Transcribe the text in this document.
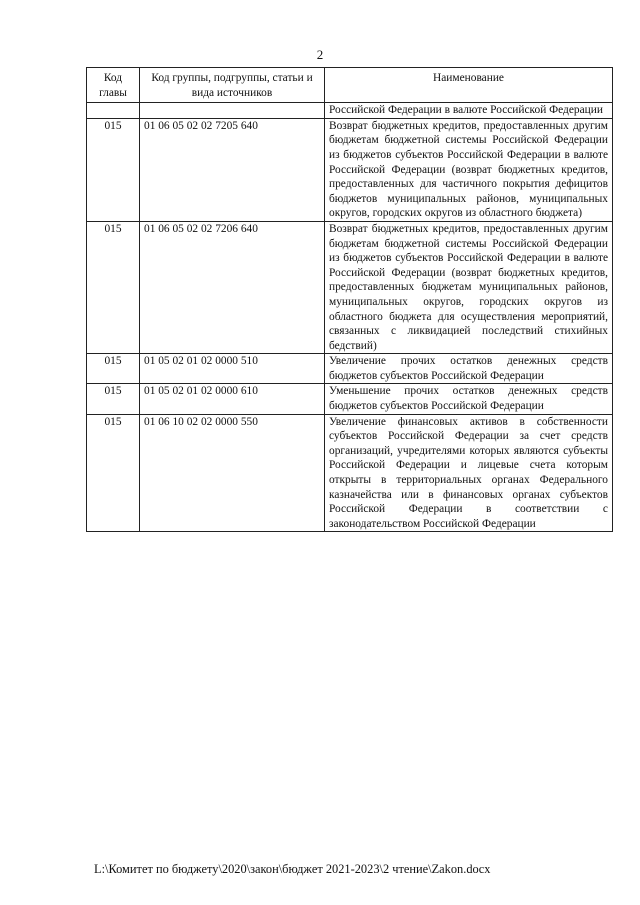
2
Код главы	Код группы, подгруппы, статьи и вида источников	Наименование
		Российской Федерации в валюте Российской Федерации
015	01 06 05 02 02 7205 640	Возврат бюджетных кредитов, предоставленных другим бюджетам бюджетной системы Российской Федерации из бюджетов субъектов Российской Федерации в валюте Российской Федерации (возврат бюджетных кредитов, предоставленных для частичного покрытия дефицитов бюджетов муниципальных районов, муниципальных округов, городских округов из областного бюджета)
015	01 06 05 02 02 7206 640	Возврат бюджетных кредитов, предоставленных другим бюджетам бюджетной системы Российской Федерации из бюджетов субъектов Российской Федерации в валюте Российской Федерации (возврат бюджетных кредитов, предоставленных бюджетам муниципальных районов, муниципальных округов, городских округов из областного бюджета для осуществления мероприятий, связанных с ликвидацией последствий стихийных бедствий)
015	01 05 02 01 02 0000 510	Увеличение прочих остатков денежных средств бюджетов субъектов Российской Федерации
015	01 05 02 01 02 0000 610	Уменьшение прочих остатков денежных средств бюджетов субъектов Российской Федерации
015	01 06 10 02 02 0000 550	Увеличение финансовых активов в собственности субъектов Российской Федерации за счет средств организаций, учредителями которых являются субъекты Российской Федерации и лицевые счета которым открыты в территориальных органах Федерального казначейства или в финансовых органах субъектов Российской Федерации в соответствии с законодательством Российской Федерации
L:\Комитет по бюджету\2020\закон\бюджет 2021-2023\2 чтение\Zakon.docx
